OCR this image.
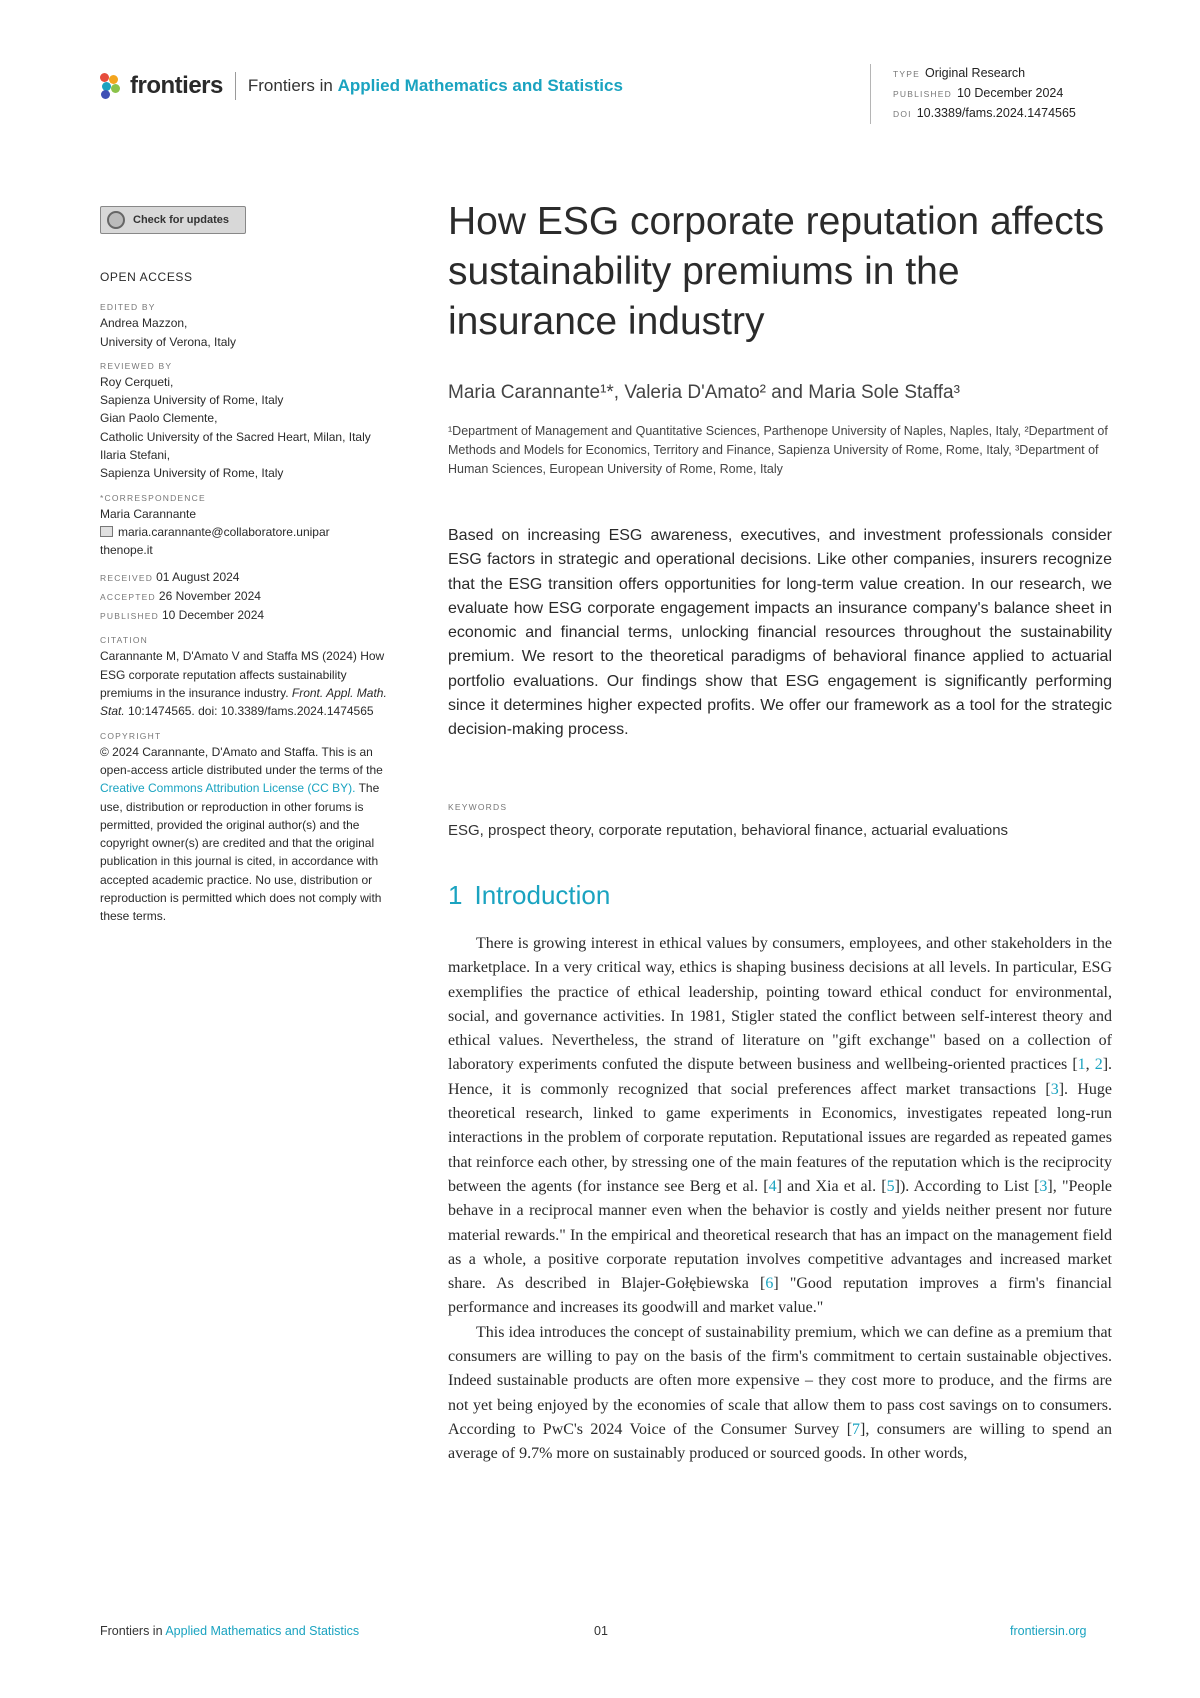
frontiers Frontiers in Applied Mathematics and Statistics
TYPE Original Research
PUBLISHED 10 December 2024
DOI 10.3389/fams.2024.1474565
Check for updates
OPEN ACCESS
EDITED BY
Andrea Mazzon,
University of Verona, Italy
REVIEWED BY
Roy Cerqueti,
Sapienza University of Rome, Italy
Gian Paolo Clemente,
Catholic University of the Sacred Heart, Milan, Italy
Ilaria Stefani,
Sapienza University of Rome, Italy
*CORRESPONDENCE
Maria Carannante
maria.carannante@collaboratore.uniparthenope.it
RECEIVED 01 August 2024
ACCEPTED 26 November 2024
PUBLISHED 10 December 2024
CITATION
Carannante M, D'Amato V and Staffa MS (2024) How ESG corporate reputation affects sustainability premiums in the insurance industry. Front. Appl. Math. Stat. 10:1474565. doi: 10.3389/fams.2024.1474565
COPYRIGHT
© 2024 Carannante, D'Amato and Staffa. This is an open-access article distributed under the terms of the Creative Commons Attribution License (CC BY). The use, distribution or reproduction in other forums is permitted, provided the original author(s) and the copyright owner(s) are credited and that the original publication in this journal is cited, in accordance with accepted academic practice. No use, distribution or reproduction is permitted which does not comply with these terms.
How ESG corporate reputation affects sustainability premiums in the insurance industry
Maria Carannante¹*, Valeria D'Amato² and Maria Sole Staffa³
¹Department of Management and Quantitative Sciences, Parthenope University of Naples, Naples, Italy, ²Department of Methods and Models for Economics, Territory and Finance, Sapienza University of Rome, Rome, Italy, ³Department of Human Sciences, European University of Rome, Rome, Italy
Based on increasing ESG awareness, executives, and investment professionals consider ESG factors in strategic and operational decisions. Like other companies, insurers recognize that the ESG transition offers opportunities for long-term value creation. In our research, we evaluate how ESG corporate engagement impacts an insurance company's balance sheet in economic and financial terms, unlocking financial resources throughout the sustainability premium. We resort to the theoretical paradigms of behavioral finance applied to actuarial portfolio evaluations. Our findings show that ESG engagement is significantly performing since it determines higher expected profits. We offer our framework as a tool for the strategic decision-making process.
KEYWORDS
ESG, prospect theory, corporate reputation, behavioral finance, actuarial evaluations
1 Introduction

There is growing interest in ethical values by consumers, employees, and other stakeholders in the marketplace. In a very critical way, ethics is shaping business decisions at all levels. In particular, ESG exemplifies the practice of ethical leadership, pointing toward ethical conduct for environmental, social, and governance activities. In 1981, Stigler stated the conflict between self-interest theory and ethical values. Nevertheless, the strand of literature on "gift exchange" based on a collection of laboratory experiments confuted the dispute between business and wellbeing-oriented practices [1, 2]. Hence, it is commonly recognized that social preferences affect market transactions [3]. Huge theoretical research, linked to game experiments in Economics, investigates repeated long-run interactions in the problem of corporate reputation. Reputational issues are regarded as repeated games that reinforce each other, by stressing one of the main features of the reputation which is the reciprocity between the agents (for instance see Berg et al. [4] and Xia et al. [5]). According to List [3], "People behave in a reciprocal manner even when the behavior is costly and yields neither present nor future material rewards." In the empirical and theoretical research that has an impact on the management field as a whole, a positive corporate reputation involves competitive advantages and increased market share. As described in Blajer-Gołębiewska [6] "Good reputation improves a firm's financial performance and increases its goodwill and market value."

This idea introduces the concept of sustainability premium, which we can define as a premium that consumers are willing to pay on the basis of the firm's commitment to certain sustainable objectives. Indeed sustainable products are often more expensive – they cost more to produce, and the firms are not yet being enjoyed by the economies of scale that allow them to pass cost savings on to consumers. According to PwC's 2024 Voice of the Consumer Survey [7], consumers are willing to spend an average of 9.7% more on sustainably produced or sourced goods. In other words,

Frontiers in Applied Mathematics and Statistics	01	frontiersin.org
